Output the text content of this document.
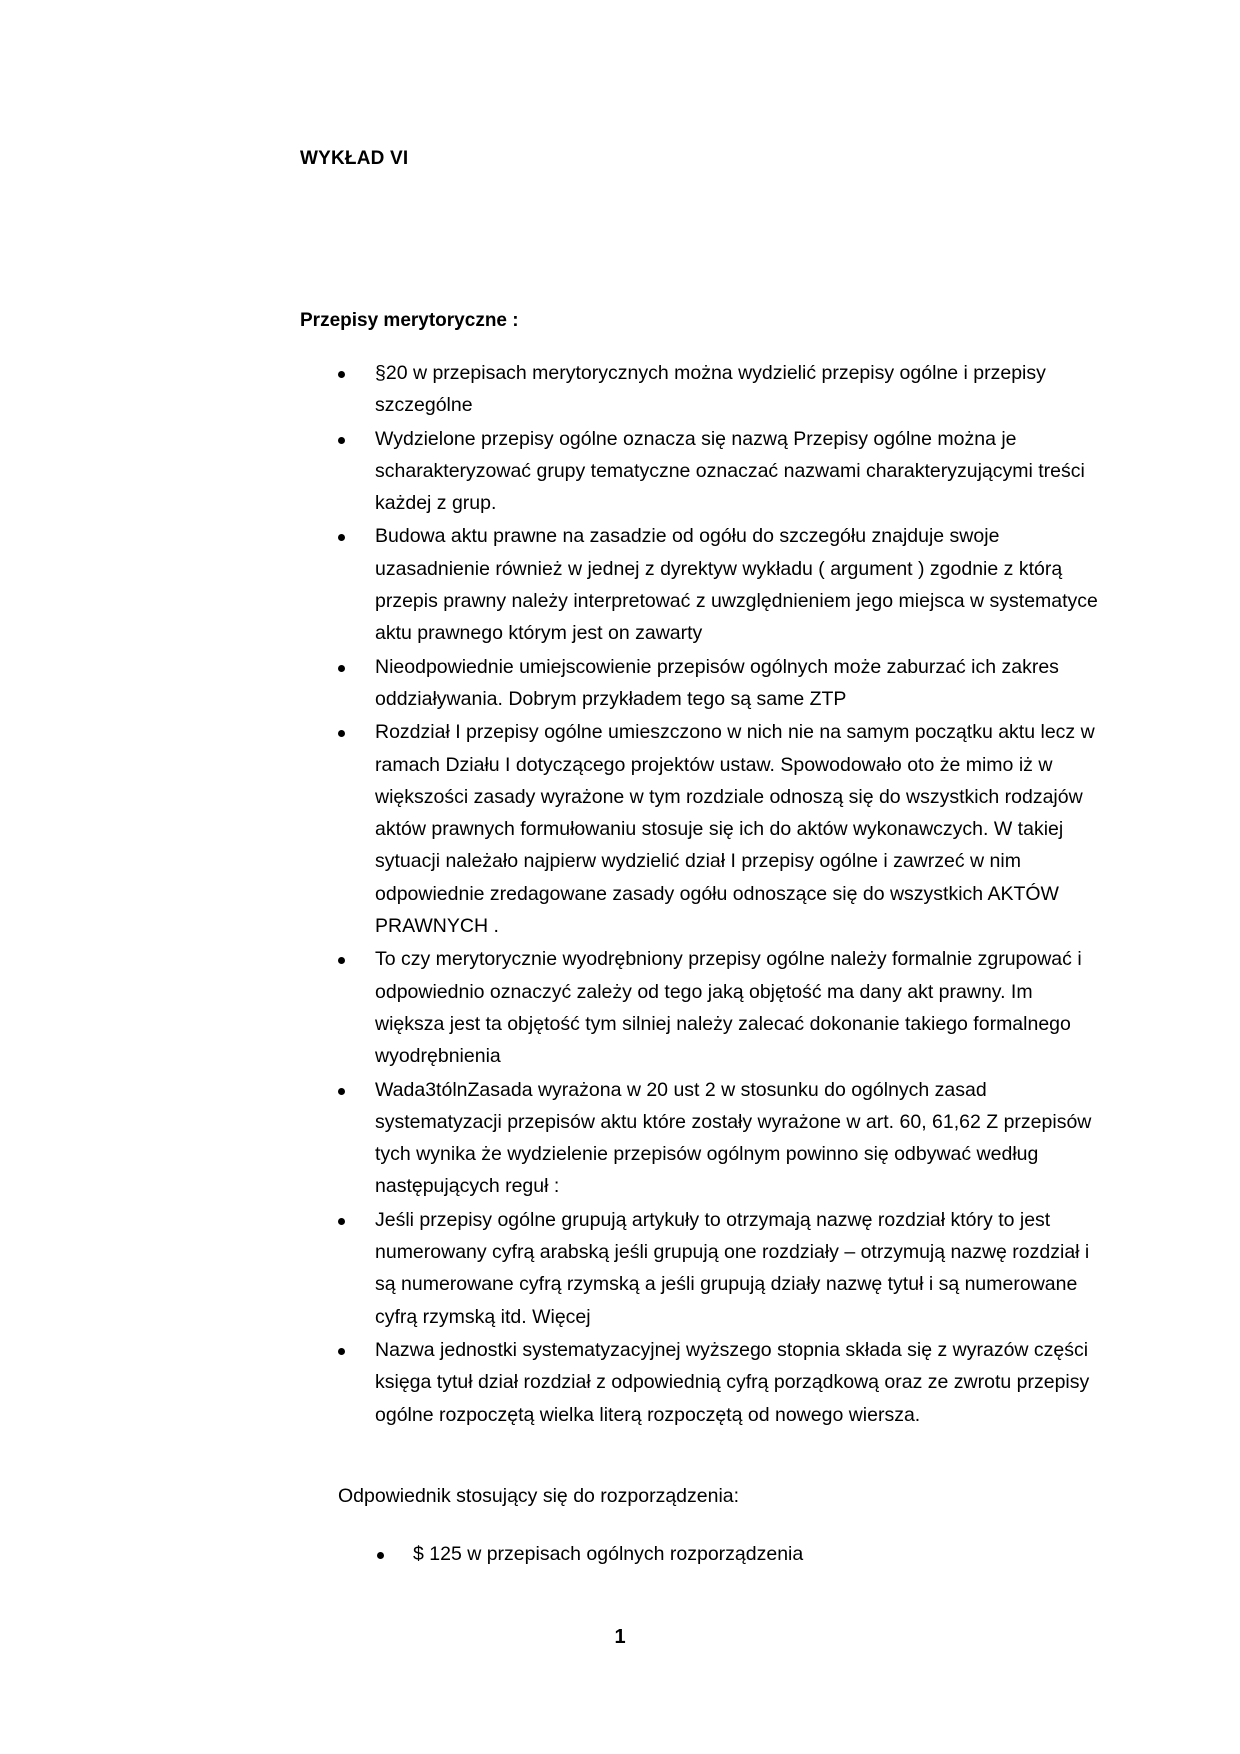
WYKŁAD VI
Przepisy merytoryczne :
§20 w przepisach merytorycznych można wydzielić przepisy ogólne i przepisy szczególne
Wydzielone przepisy ogólne oznacza się nazwą Przepisy ogólne można je scharakteryzować grupy tematyczne oznaczać nazwami charakteryzującymi treści każdej z grup.
Budowa aktu prawne na zasadzie od ogółu do szczegółu znajduje swoje uzasadnienie również w jednej z dyrektyw wykładu ( argument ) zgodnie z którą przepis prawny należy interpretować z uwzględnieniem jego miejsca w systematyce aktu prawnego którym jest on zawarty
Nieodpowiednie umiejscowienie przepisów ogólnych może zaburzać ich zakres oddziaływania. Dobrym przykładem tego są same ZTP
Rozdział I przepisy ogólne umieszczono w nich nie na samym początku aktu lecz w ramach Działu I dotyczącego projektów ustaw. Spowodowało oto że mimo iż w większości zasady wyrażone w tym rozdziale odnoszą się do wszystkich rodzajów aktów prawnych formułowaniu stosuje się ich do aktów wykonawczych. W takiej sytuacji należało najpierw wydzielić dział I przepisy ogólne i zawrzeć w nim odpowiednie zredagowane zasady ogółu odnoszące się do wszystkich AKTÓW PRAWNYCH .
To czy merytorycznie wyodrębniony przepisy ogólne należy formalnie zgrupować i odpowiednio oznaczyć zależy od tego jaką objętość ma dany akt prawny. Im większa jest ta objętość tym silniej należy zalecać dokonanie takiego formalnego wyodrębnienia
Wada3tólnZasada wyrażona w 20 ust 2 w stosunku do ogólnych zasad systematyzacji przepisów aktu które zostały wyrażone w art. 60, 61,62 Z przepisów tych wynika że wydzielenie przepisów ogólnym powinno się odbywać według następujących reguł :
Jeśli przepisy ogólne grupują artykuły to otrzymają nazwę rozdział który to jest numerowany cyfrą arabską jeśli grupują one rozdziały – otrzymują nazwę rozdział i są numerowane cyfrą rzymską a jeśli grupują działy nazwę tytuł i są numerowane cyfrą rzymską itd. Więcej
Nazwa jednostki systematyzacyjnej wyższego stopnia składa się z wyrazów części księga tytuł dział rozdział z odpowiednią cyfrą porządkową oraz ze zwrotu przepisy ogólne rozpoczętą wielka literą rozpoczętą od nowego wiersza.

Odpowiednik stosujący się do rozporządzenia:

$ 125 w przepisach ogólnych rozporządzenia

1
